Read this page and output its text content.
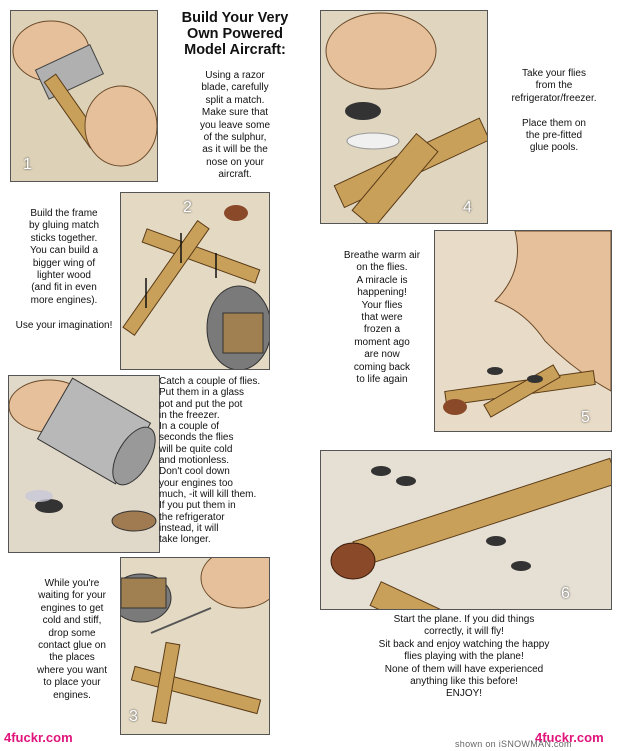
Build Your Very
Own Powered
Model Aircraft:
1
Using a razor
blade, carefully
split a match.
Make sure that
you leave some
of the sulphur,
as it will be the
nose on your
aircraft.
Build the frame
by gluing match
sticks together.
You can build a
bigger wing of
lighter wood
(and fit in even
more engines).

Use your imagination!
2
Catch a couple of flies.
Put them in a glass
pot and put the pot
in the freezer.
In a couple of
seconds the flies
will be quite cold
and motionless.
Don't cool down
your engines too
much, -it will kill them.
If you put them in
the refrigerator
instead, it will
take longer.
While you're
waiting for your
engines to get
cold and stiff,
drop some
contact glue on
the places
where you want
to place your
engines.
3
4
Take your flies
from the
refrigerator/freezer.

Place them on
the pre-fitted
glue pools.
5
Breathe warm air
on the flies.
A miracle is
happening!
Your flies
that were
frozen a
moment ago
are now
coming back
to life again
6
Start the plane. If you did things
correctly, it will fly!
Sit back and enjoy watching the happy
flies playing with the plane!
None of them will have experienced
anything like this before!
ENJOY!
4fuckr.com	4fuckr.com
shown on iSNOWMAN.com
